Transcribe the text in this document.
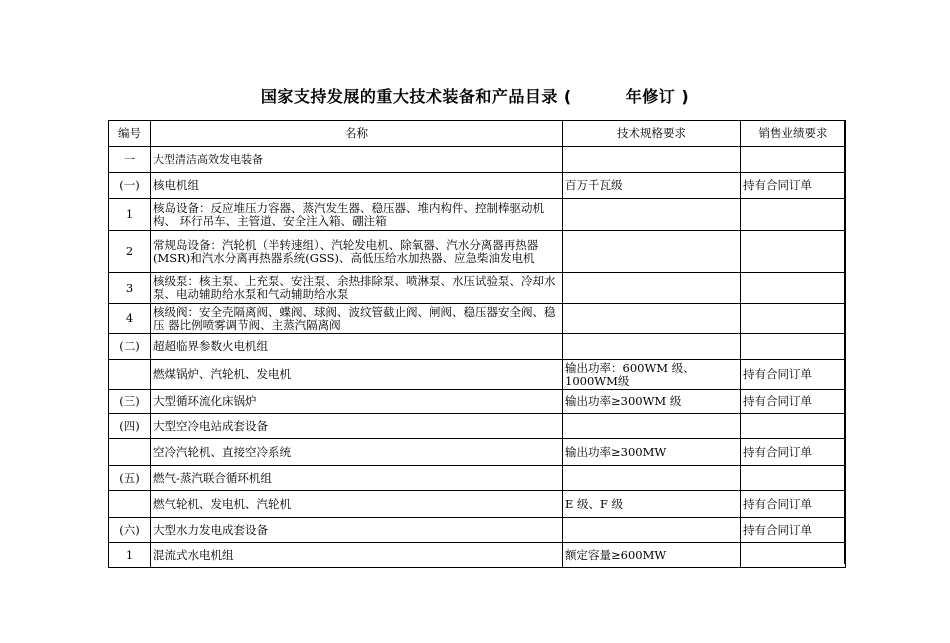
国家支持发展的重大技术装备和产品目录 (	年修订 )
编号	名称	技术规格要求	销售业绩要求
一	大型清洁高效发电装备		
(一)	核电机组	百万千瓦级	持有合同订单
1	核岛设备：反应堆压力容器、蒸汽发生器、稳压器、堆内构件、控制棒驱动机构、 环行吊车、主管道、安全注入箱、硼注箱		
2	常规岛设备：汽轮机（半转速组）、汽轮发电机、除氧器、汽水分离器再热器 (MSR)和汽水分离再热器系统(GSS)、高低压给水加热器、应急柴油发电机		
3	核级泵：核主泵、上充泵、安注泵、余热排除泵、喷淋泵、水压试验泵、冷却水泵、电动辅助给水泵和气动辅助给水泵		
4	核级阀：安全壳隔离阀、蝶阀、球阀、波纹管截止阀、闸阀、稳压器安全阀、稳压 器比例喷雾调节阀、主蒸汽隔离阀		
(二)	超超临界参数火电机组		
	燃煤锅炉、汽轮机、发电机	输出功率：600WM 级、1000WM级	持有合同订单
(三)	大型循环流化床锅炉	输出功率≥300WM 级	持有合同订单
(四)	大型空冷电站成套设备		
	空冷汽轮机、直接空冷系统	输出功率≥300MW	持有合同订单
(五)	燃气-蒸汽联合循环机组		
	燃气轮机、发电机、汽轮机	E 级、F 级	持有合同订单
(六)	大型水力发电成套设备		持有合同订单
1	混流式水电机组	额定容量≥600MW	
